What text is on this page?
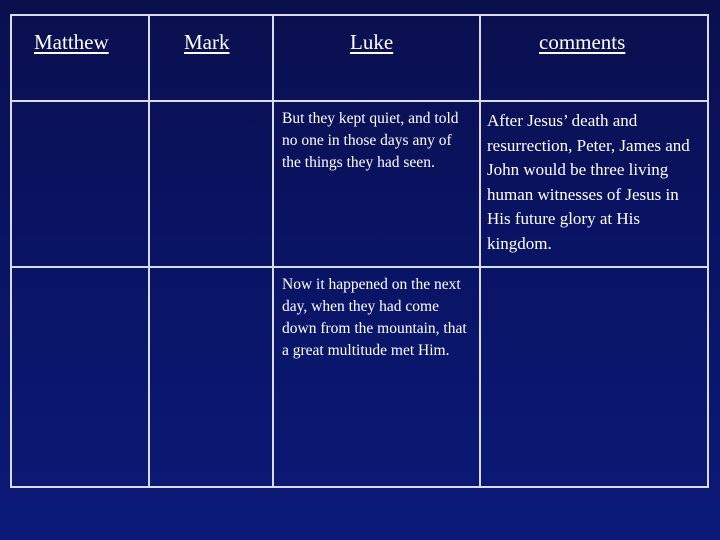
Matthew	Mark	Luke	comments

		But they kept quiet, and told no one in those days any of the things they had seen.	After Jesus’ death and resurrection, Peter, James and John would be three living human witnesses of Jesus in His future glory at His kingdom.

		Now it happened on the next day, when they had come down from the mountain, that a great multitude met Him.	
